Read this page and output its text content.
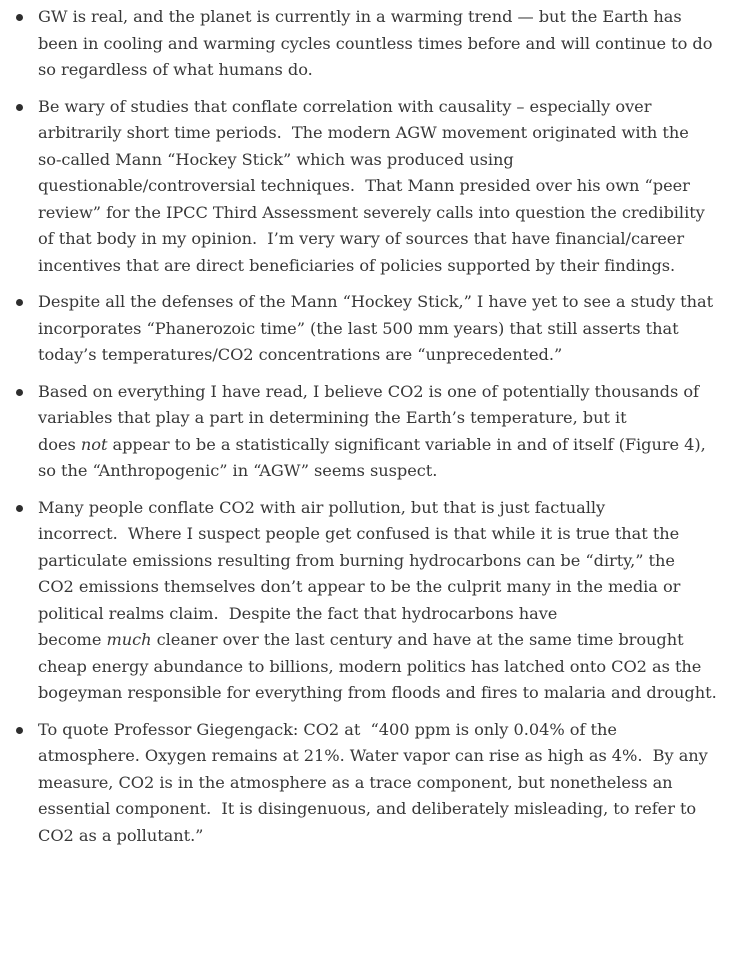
GW is real, and the planet is currently in a warming trend — but the Earth has
been in cooling and warming cycles countless times before and will continue to do
so regardless of what humans do.
Be wary of studies that conflate correlation with causality – especially over
arbitrarily short time periods.  The modern AGW movement originated with the
so-called Mann “Hockey Stick” which was produced using
questionable/controversial techniques.  That Mann presided over his own “peer
review” for the IPCC Third Assessment severely calls into question the credibility
of that body in my opinion.  I’m very wary of sources that have financial/career
incentives that are direct beneficiaries of policies supported by their findings.
Despite all the defenses of the Mann “Hockey Stick,” I have yet to see a study that
incorporates “Phanerozoic time” (the last 500 mm years) that still asserts that
today’s temperatures/CO2 concentrations are “unprecedented.”
Based on everything I have read, I believe CO2 is one of potentially thousands of
variables that play a part in determining the Earth’s temperature, but it
does not appear to be a statistically significant variable in and of itself (Figure 4),
so the “Anthropogenic” in “AGW” seems suspect.
Many people conflate CO2 with air pollution, but that is just factually
incorrect.  Where I suspect people get confused is that while it is true that the
particulate emissions resulting from burning hydrocarbons can be “dirty,” the
CO2 emissions themselves don’t appear to be the culprit many in the media or
political realms claim.  Despite the fact that hydrocarbons have
become much cleaner over the last century and have at the same time brought
cheap energy abundance to billions, modern politics has latched onto CO2 as the
bogeyman responsible for everything from floods and fires to malaria and drought.
To quote Professor Giegengack: CO2 at  “400 ppm is only 0.04% of the
atmosphere. Oxygen remains at 21%. Water vapor can rise as high as 4%.  By any
measure, CO2 is in the atmosphere as a trace component, but nonetheless an
essential component.  It is disingenuous, and deliberately misleading, to refer to
CO2 as a pollutant.”
